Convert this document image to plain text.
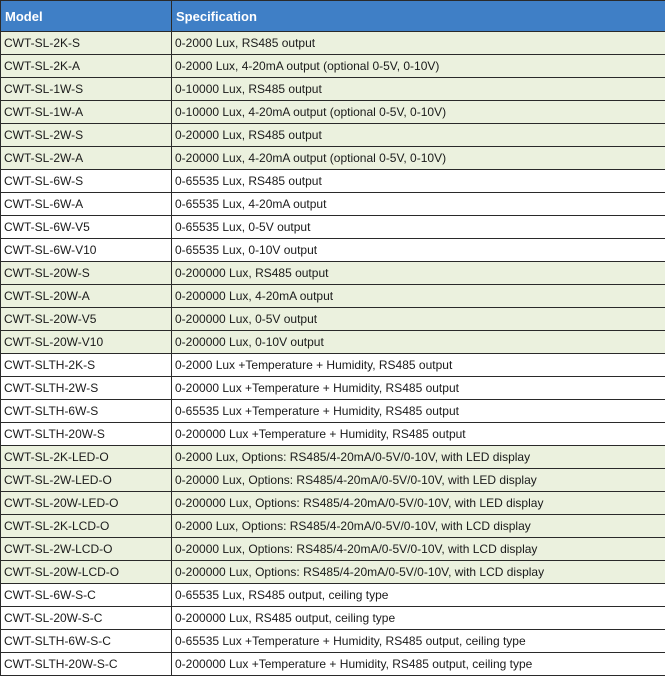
Model	Specification
CWT-SL-2K-S	0-2000 Lux, RS485 output
CWT-SL-2K-A	0-2000 Lux, 4-20mA output (optional 0-5V, 0-10V)
CWT-SL-1W-S	0-10000 Lux, RS485 output
CWT-SL-1W-A	0-10000 Lux, 4-20mA output (optional 0-5V, 0-10V)
CWT-SL-2W-S	0-20000 Lux, RS485 output
CWT-SL-2W-A	0-20000 Lux, 4-20mA output (optional 0-5V, 0-10V)
CWT-SL-6W-S	0-65535 Lux, RS485 output
CWT-SL-6W-A	0-65535 Lux, 4-20mA output
CWT-SL-6W-V5	0-65535 Lux, 0-5V output
CWT-SL-6W-V10	0-65535 Lux, 0-10V output
CWT-SL-20W-S	0-200000 Lux, RS485 output
CWT-SL-20W-A	0-200000 Lux, 4-20mA output
CWT-SL-20W-V5	0-200000 Lux, 0-5V output
CWT-SL-20W-V10	0-200000 Lux, 0-10V output
CWT-SLTH-2K-S	0-2000 Lux +Temperature + Humidity, RS485 output
CWT-SLTH-2W-S	0-20000 Lux +Temperature + Humidity, RS485 output
CWT-SLTH-6W-S	0-65535 Lux +Temperature + Humidity, RS485 output
CWT-SLTH-20W-S	0-200000 Lux +Temperature + Humidity, RS485 output
CWT-SL-2K-LED-O	0-2000 Lux, Options: RS485/4-20mA/0-5V/0-10V, with LED display
CWT-SL-2W-LED-O	0-20000 Lux, Options: RS485/4-20mA/0-5V/0-10V, with LED display
CWT-SL-20W-LED-O	0-200000 Lux, Options: RS485/4-20mA/0-5V/0-10V, with LED display
CWT-SL-2K-LCD-O	0-2000 Lux, Options: RS485/4-20mA/0-5V/0-10V, with LCD display
CWT-SL-2W-LCD-O	0-20000 Lux, Options: RS485/4-20mA/0-5V/0-10V, with LCD display
CWT-SL-20W-LCD-O	0-200000 Lux, Options: RS485/4-20mA/0-5V/0-10V, with LCD display
CWT-SL-6W-S-C	0-65535 Lux, RS485 output, ceiling type
CWT-SL-20W-S-C	0-200000 Lux, RS485 output, ceiling type
CWT-SLTH-6W-S-C	0-65535 Lux +Temperature + Humidity, RS485 output, ceiling type
CWT-SLTH-20W-S-C	0-200000 Lux +Temperature + Humidity, RS485 output, ceiling type
